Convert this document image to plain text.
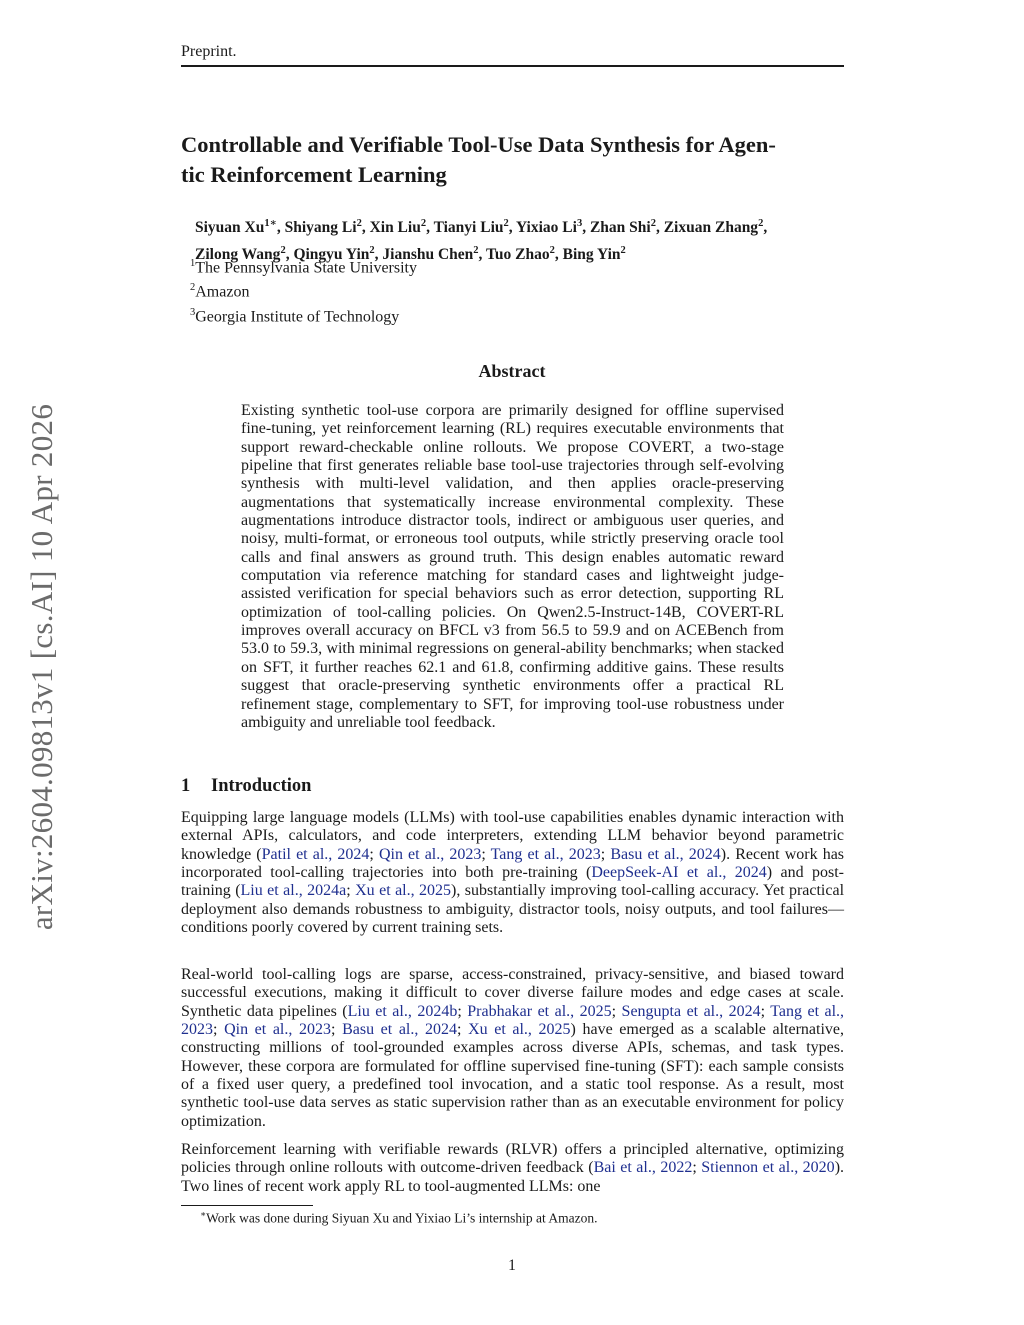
Preprint.
arXiv:2604.09813v1 [cs.AI] 10 Apr 2026
Controllable and Verifiable Tool-Use Data Synthesis for Agen-
tic Reinforcement Learning
Siyuan $Xu^{1∗}$, Shiyang Li$^2$, Xin Liu$^2$, Tianyi Liu$^2$, Yixiao Li$^3$, Zhan Shi$^2$, Zixuan Zhang$^2$,
Zilong Wang$^2$, Qingyu Yin$^2$, Jianshu Chen$^2$, Tuo Zhao$^2$, Bing Yin$^2$
$^1$The Pennsylvania State University
$^2$Amazon
$^3$Georgia Institute of Technology
Abstract
Existing synthetic tool-use corpora are primarily designed for offline supervised fine-tuning, yet reinforcement learning (RL) requires executable environments that support reward-checkable online rollouts. We propose COVERT, a two-stage pipeline that first generates reliable base tool-use trajectories through self-evolving synthesis with multi-level validation, and then applies oracle-preserving augmentations that systematically increase environmental complexity. These augmentations introduce distractor tools, indirect or ambiguous user queries, and noisy, multi-format, or erroneous tool outputs, while strictly preserving oracle tool calls and final answers as ground truth. This design enables automatic reward computation via reference matching for standard cases and lightweight judge-assisted verification for special behaviors such as error detection, supporting RL optimization of tool-calling policies. On Qwen2.5-Instruct-14B, COVERT-RL improves overall accuracy on BFCL v3 from 56.5 to 59.9 and on ACEBench from 53.0 to 59.3, with minimal regressions on general-ability benchmarks; when stacked on SFT, it further reaches 62.1 and 61.8, confirming additive gains. These results suggest that oracle-preserving synthetic environments offer a practical RL refinement stage, complementary to SFT, for improving tool-use robustness under ambiguity and unreliable tool feedback.
1 Introduction
Equipping large language models (LLMs) with tool-use capabilities enables dynamic interaction with external APIs, calculators, and code interpreters, extending LLM behavior beyond parametric knowledge (Patil et al., 2024; Qin et al., 2023; Tang et al., 2023; Basu et al., 2024). Recent work has incorporated tool-calling trajectories into both pre-training (DeepSeek-AI et al., 2024) and post-training (Liu et al., 2024a; Xu et al., 2025), substantially improving tool-calling accuracy. Yet practical deployment also demands robustness to ambiguity, distractor tools, noisy outputs, and tool failures—conditions poorly covered by current training sets.
Real-world tool-calling logs are sparse, access-constrained, privacy-sensitive, and biased toward successful executions, making it difficult to cover diverse failure modes and edge cases at scale. Synthetic data pipelines (Liu et al., 2024b; Prabhakar et al., 2025; Sengupta et al., 2024; Tang et al., 2023; Qin et al., 2023; Basu et al., 2024; Xu et al., 2025) have emerged as a scalable alternative, constructing millions of tool-grounded examples across diverse APIs, schemas, and task types. However, these corpora are formulated for offline supervised fine-tuning (SFT): each sample consists of a fixed user query, a predefined tool invocation, and a static tool response. As a result, most synthetic tool-use data serves as static supervision rather than as an executable environment for policy optimization.
Reinforcement learning with verifiable rewards (RLVR) offers a principled alternative, optimizing policies through online rollouts with outcome-driven feedback (Bai et al., 2022; Stiennon et al., 2020). Two lines of recent work apply RL to tool-augmented LLMs: one
∗Work was done during Siyuan Xu and Yixiao Li’s internship at Amazon.
1
